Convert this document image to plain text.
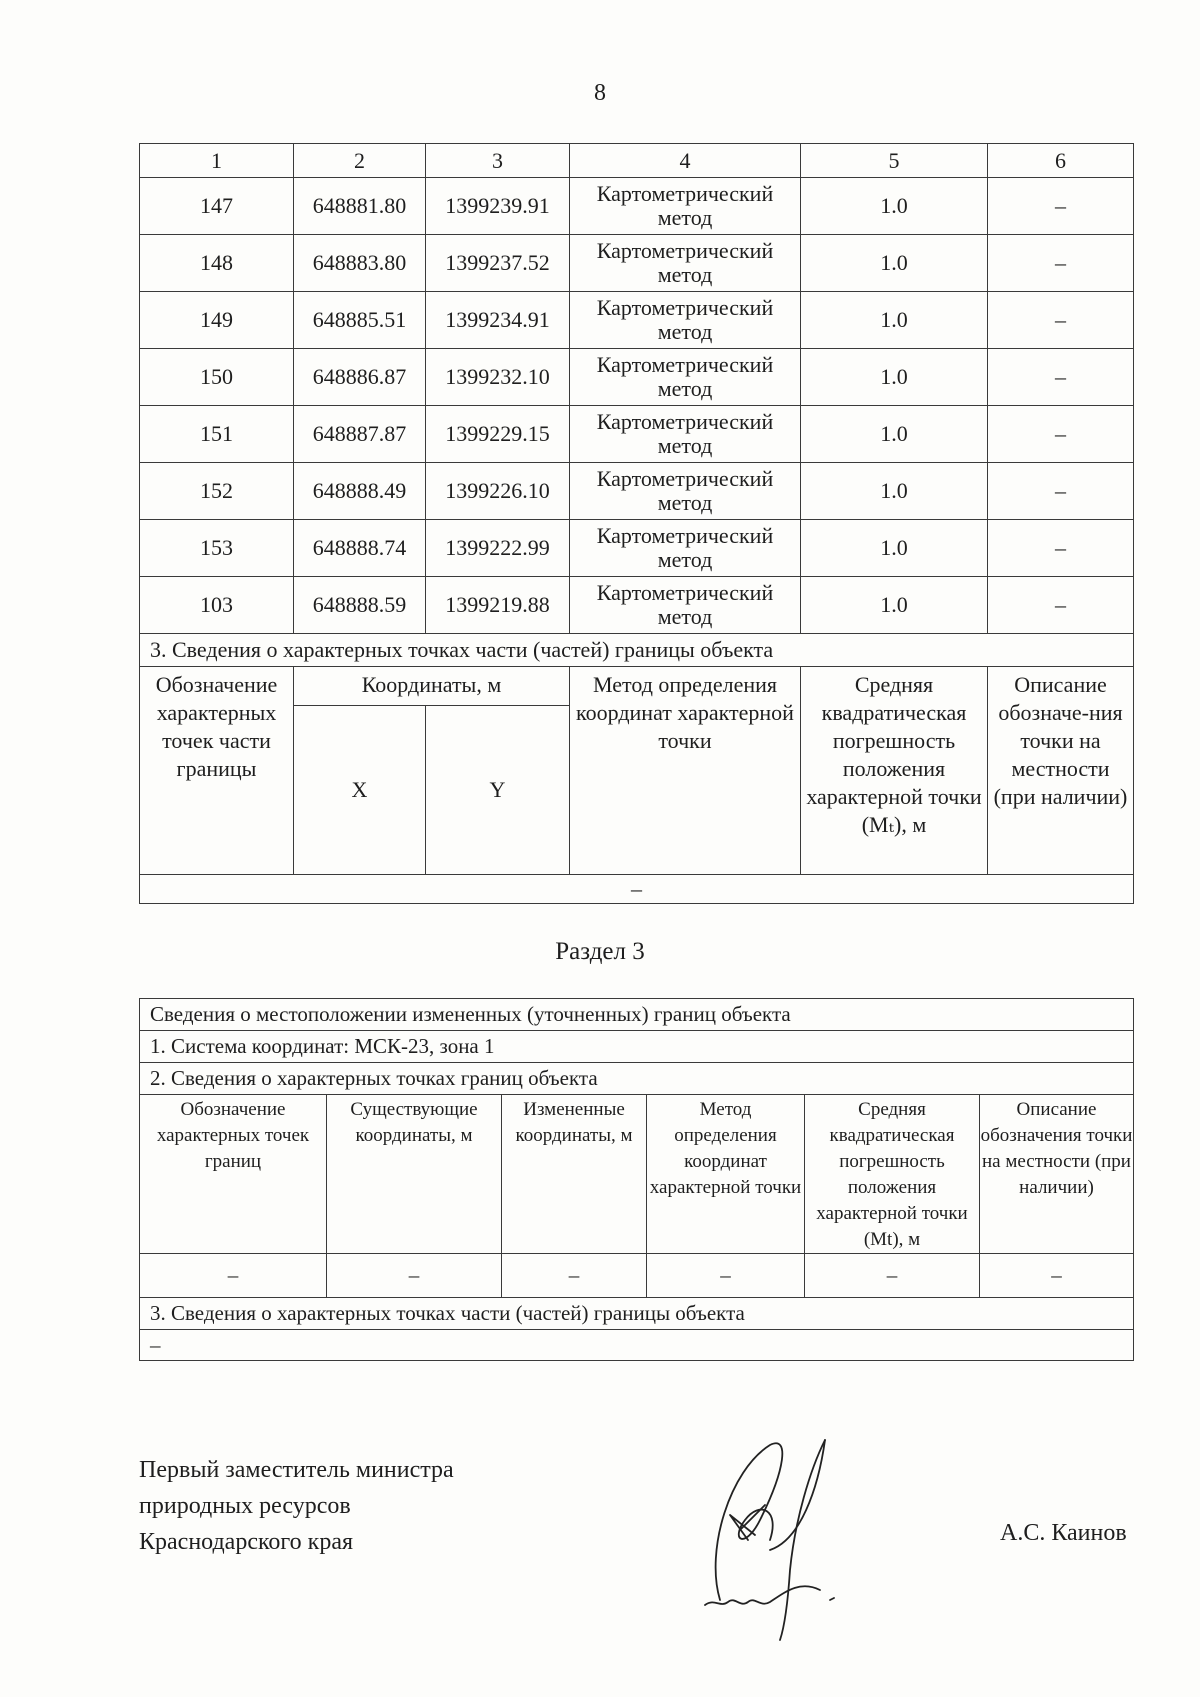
8
1	2	3	4	5	6
147	648881.80	1399239.91	Картометрический метод	1.0	–
148	648883.80	1399237.52	Картометрический метод	1.0	–
149	648885.51	1399234.91	Картометрический метод	1.0	–
150	648886.87	1399232.10	Картометрический метод	1.0	–
151	648887.87	1399229.15	Картометрический метод	1.0	–
152	648888.49	1399226.10	Картометрический метод	1.0	–
153	648888.74	1399222.99	Картометрический метод	1.0	–
103	648888.59	1399219.88	Картометрический метод	1.0	–
3. Сведения о характерных точках части (частей) границы объекта					
Обозначение характерных точек части границы	Координаты, м		Метод определения координат характерной точки	Средняя квадратическая погрешность положения характерной точки (Mₜ), м	Описание обозначе-ния точки на местности (при наличии)
	X	Y			
–					
Раздел 3
Сведения о местоположении измененных (уточненных) границ объекта					
1. Система координат: МСК-23, зона 1					
2. Сведения о характерных точках границ объекта					
Обозначение характерных точек границ	Существующие координаты, м	Измененные координаты, м	Метод определения координат характерной точки	Средняя квадратическая погрешность положения характерной точки (Mt), м	Описание обозначения точки на местности (при наличии)
–	–	–	–	–	–
3. Сведения о характерных точках части (частей) границы объекта					
–					
Первый заместитель министра
природных ресурсов
Краснодарского края	А.С. Каинов
